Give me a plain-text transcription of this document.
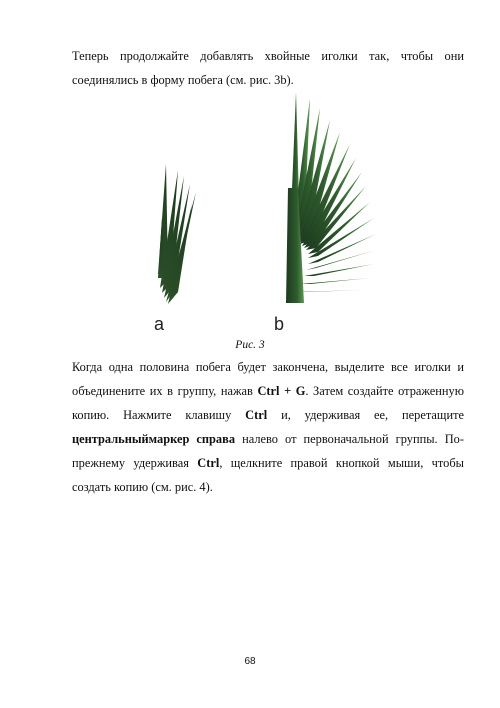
Теперь продолжайте добавлять хвойные иголки так, чтобы они соединялись в форму побега (см. рис. 3b).

a	b
Рис. 3

Когда одна половина побега будет закончена, выделите все иголки и объединените их в группу, нажав Ctrl + G. Затем создайте отраженную копию. Нажмите клавишу Ctrl и, удерживая ее, перетащите центральныймаркер справа налево от первоначальной группы. По-прежнему удерживая Ctrl, щелкните правой кнопкой мыши, чтобы создать копию (см. рис. 4).

68
